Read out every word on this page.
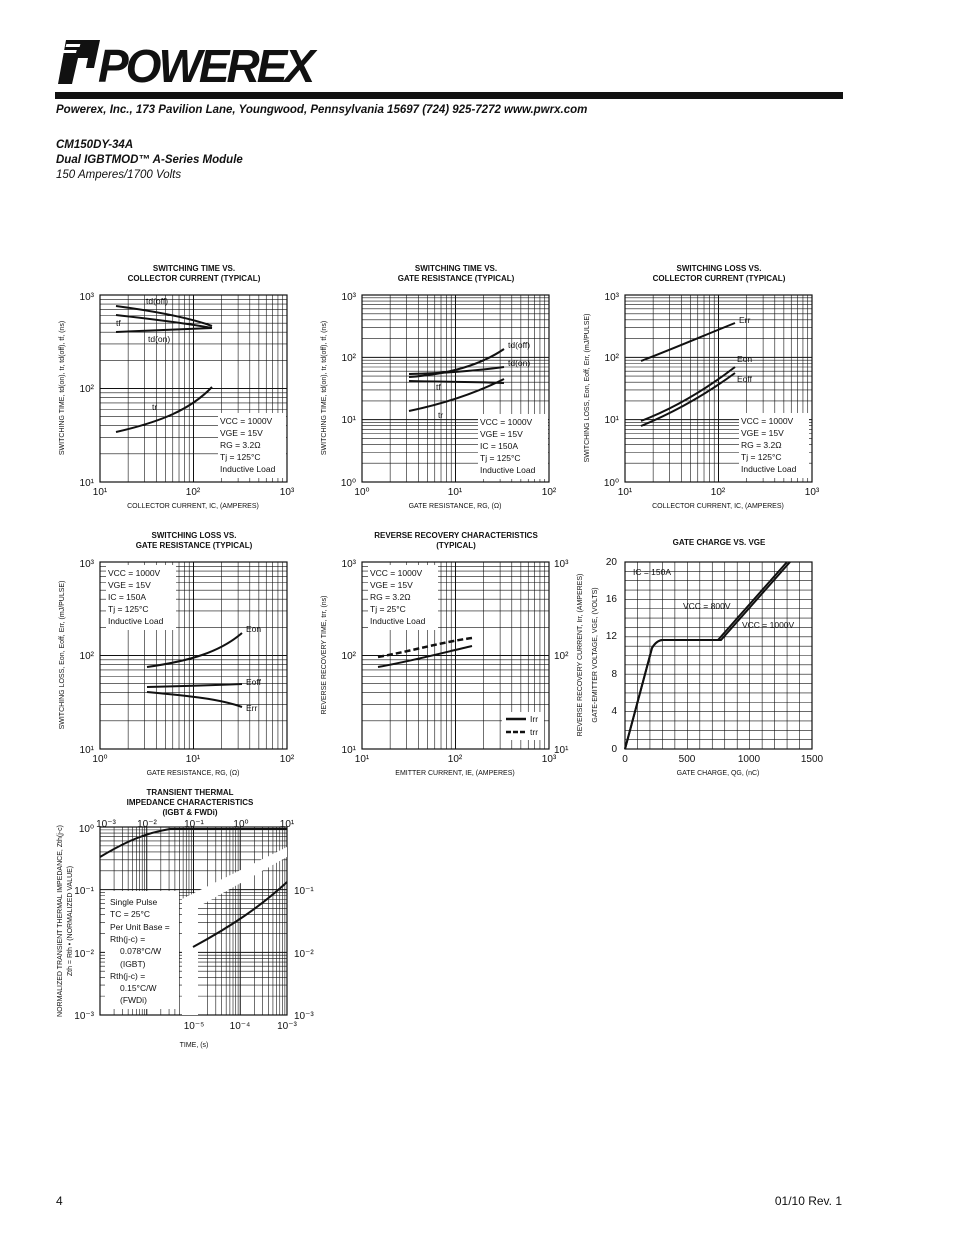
POWEREX
Powerex, Inc., 173 Pavilion Lane, Youngwood, Pennsylvania 15697 (724) 925-7272 www.pwrx.com
CM150DY-34A
Dual IGBTMOD™ A-Series Module
150 Amperes/1700 Volts
SWITCHING TIME VS.
COLLECTOR CURRENT (TYPICAL)
10³
10²
10¹
10¹	10²	10³
COLLECTOR CURRENT, IC, (AMPERES)
SWITCHING TIME, td(on), tr, td(off), tf, (ns)
td(off)
tf
td(on)
tr
VCC = 1000V
VGE = 15V
RG = 3.2Ω
Tj = 125°C
Inductive Load
SWITCHING TIME VS.
GATE RESISTANCE (TYPICAL)
10³
10²
10¹
10⁰
10⁰	10¹	10²
GATE RESISTANCE, RG, (Ω)
SWITCHING TIME, td(on), tr, td(off), tf, (ns)	td(off)
td(on)
tf
tr
VCC = 1000V
VGE = 15V
IC = 150A
Tj = 125°C
Inductive Load
SWITCHING LOSS VS.
COLLECTOR CURRENT (TYPICAL)
10³
10²
10¹
10⁰
10¹	10²	10³
COLLECTOR CURRENT, IC, (AMPERES)
SWITCHING LOSS, Eon, Eoff, Err, (mJ/PULSE)	Err
Eon
Eoff
VCC = 1000V
VGE = 15V
RG = 3.2Ω
Tj = 125°C
Inductive Load
SWITCHING LOSS VS.
GATE RESISTANCE (TYPICAL)
10³
10²
10¹
10⁰	10¹	10²
GATE RESISTANCE, RG, (Ω)
SWITCHING LOSS, Eon, Eoff, Err, (mJ/PULSE)	Eon
Eoff
Err
VCC = 1000V
VGE = 15V
IC = 150A
Tj = 125°C
Inductive Load
REVERSE RECOVERY CHARACTERISTICS
(TYPICAL)
10³
10²
10¹
10³
10²
10¹
10¹	10²	10³
EMITTER CURRENT, IE, (AMPERES)
REVERSE RECOVERY TIME, trr, (ns)	REVERSE RECOVERY CURRENT, Irr, (AMPERES)
VCC = 1000V
VGE = 15V
RG = 3.2Ω
Tj = 25°C
Inductive Load
Irr
trr
GATE CHARGE VS. VGE
20
16
12
8
4
0
0	500	1000	1500
GATE CHARGE, QG, (nC)
GATE-EMITTER VOLTAGE, VGE, (VOLTS)
IC = 150A
VCC = 800V
VCC = 1000V
TRANSIENT THERMAL
IMPEDANCE CHARACTERISTICS
(IGBT & FWDi)
10⁰
10⁻¹
10⁻²
10⁻³
10⁻¹
10⁻²
10⁻³
10⁻³ 10⁻²	10⁻¹	10⁰	10¹
10⁻⁵	10⁻⁴	10⁻³
TIME, (s)
NORMALIZED TRANSIENT THERMAL IMPEDANCE, Zth(j-c) Zth = Rth • (NORMALIZED VALUE)	Single Pulse
TC = 25°C
Per Unit Base =
Rth(j-c) =
0.078°C/W
(IGBT)
Rth(j-c) =
0.15°C/W
(FWDi)
4	01/10 Rev. 1
